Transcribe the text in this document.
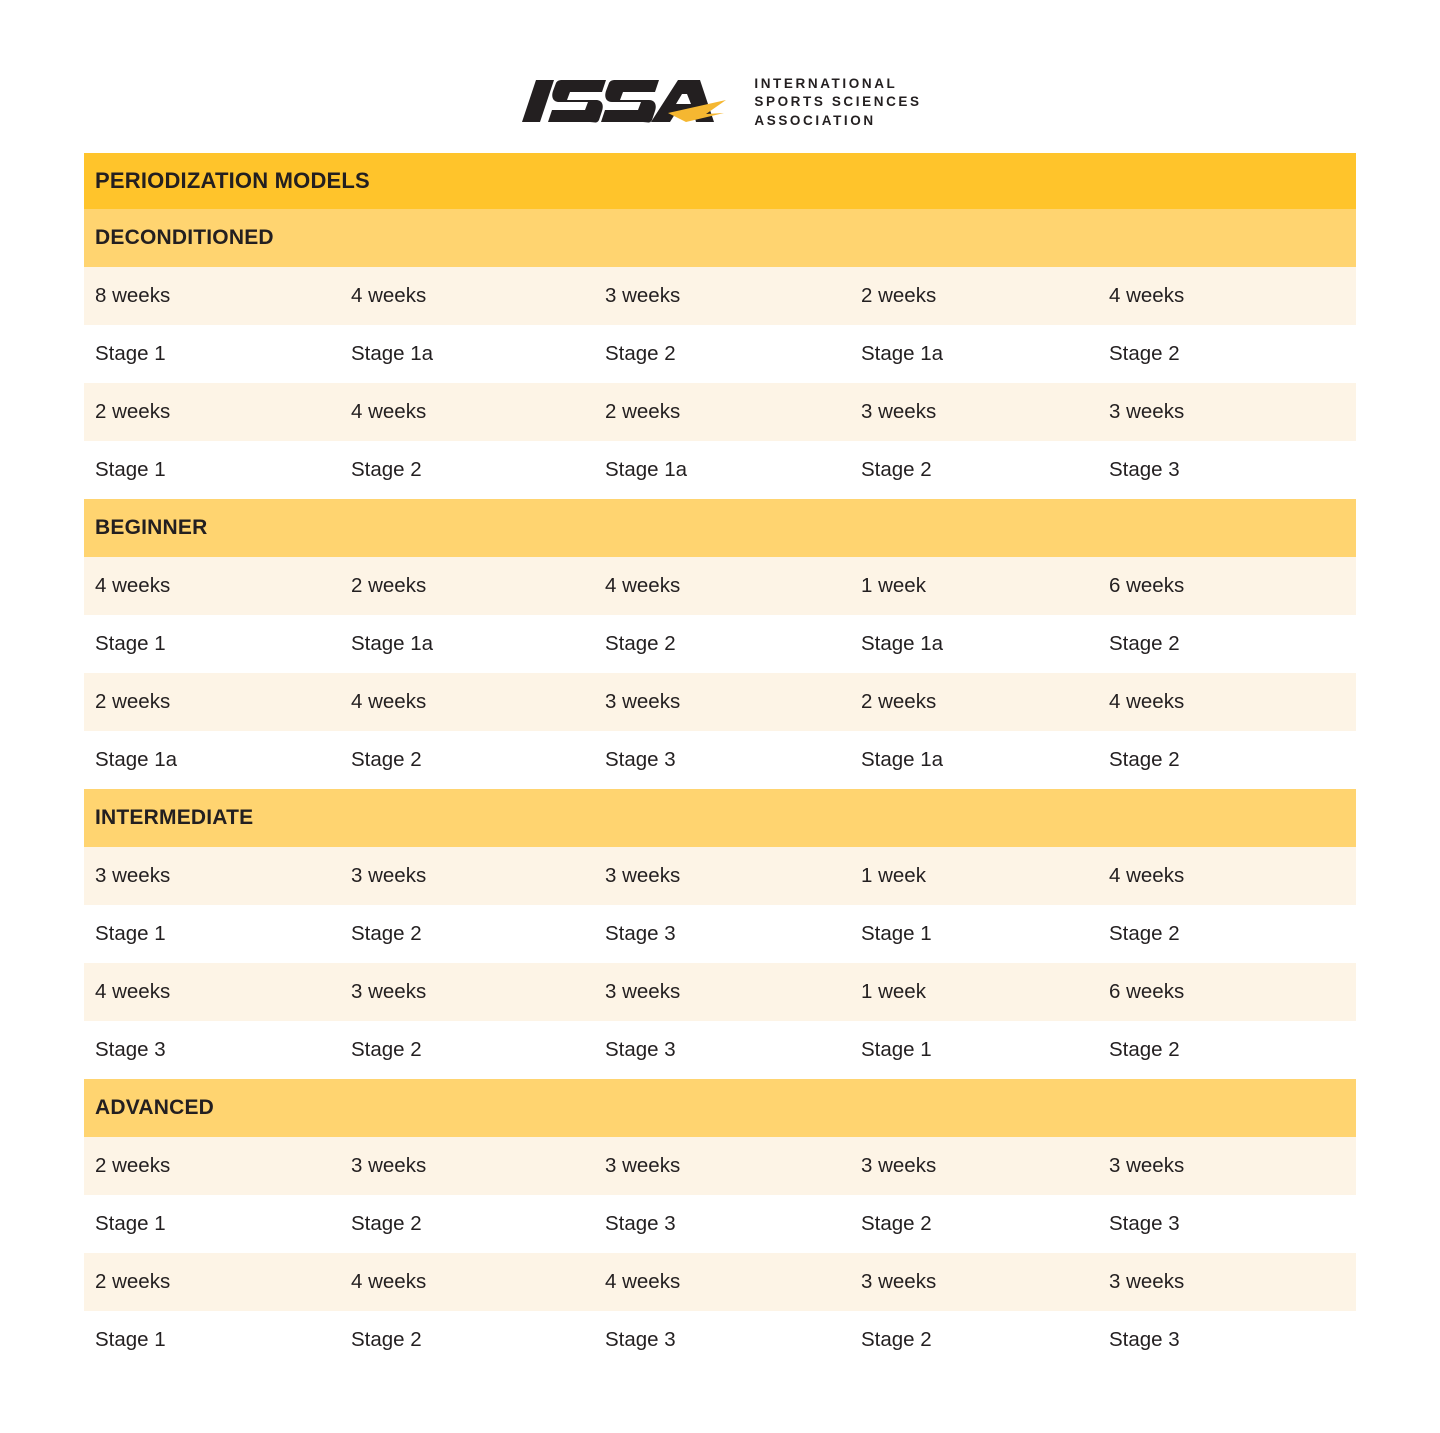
INTERNATIONAL
SPORTS SCIENCES
ASSOCIATION
PERIODIZATION MODELS				
DECONDITIONED				
8 weeks	4 weeks	3 weeks	2 weeks	4 weeks
Stage 1	Stage 1a	Stage 2	Stage 1a	Stage 2
2 weeks	4 weeks	2 weeks	3 weeks	3 weeks
Stage 1	Stage 2	Stage 1a	Stage 2	Stage 3
BEGINNER				
4 weeks	2 weeks	4 weeks	1 week	6 weeks
Stage 1	Stage 1a	Stage 2	Stage 1a	Stage 2
2 weeks	4 weeks	3 weeks	2 weeks	4 weeks
Stage 1a	Stage 2	Stage 3	Stage 1a	Stage 2
INTERMEDIATE				
3 weeks	3 weeks	3 weeks	1 week	4 weeks
Stage 1	Stage 2	Stage 3	Stage 1	Stage 2
4 weeks	3 weeks	3 weeks	1 week	6 weeks
Stage 3	Stage 2	Stage 3	Stage 1	Stage 2
ADVANCED				
2 weeks	3 weeks	3 weeks	3 weeks	3 weeks
Stage 1	Stage 2	Stage 3	Stage 2	Stage 3
2 weeks	4 weeks	4 weeks	3 weeks	3 weeks
Stage 1	Stage 2	Stage 3	Stage 2	Stage 3
